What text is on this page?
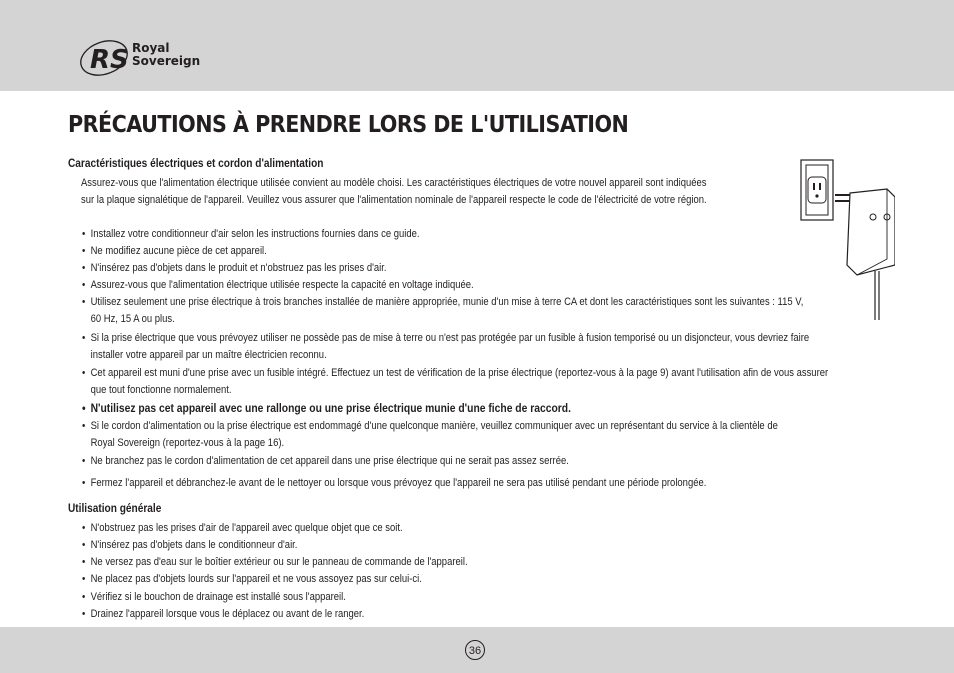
RS Royal
Sovereign
PRÉCAUTIONS À PRENDRE LORS DE L'UTILISATION
Caractéristiques électriques et cordon d'alimentation

Assurez-vous que l'alimentation électrique utilisée convient au modèle choisi. Les caractéristiques électriques de votre nouvel appareil sont indiquées
sur la plaque signalétique de l'appareil. Veuillez vous assurer que l'alimentation nominale de l'appareil respecte le code de l'électricité de votre région.

• Installez votre conditionneur d'air selon les instructions fournies dans ce guide.

• Ne modifiez aucune pièce de cet appareil.

• N'insérez pas d'objets dans le produit et n'obstruez pas les prises d'air.

• Assurez-vous que l'alimentation électrique utilisée respecte la capacité en voltage indiquée.

• Utilisez seulement une prise électrique à trois branches installée de manière appropriée, munie d'un mise à terre CA et dont les caractéristiques sont les suivantes : 115 V,
60 Hz, 15 A ou plus.

• Si la prise électrique que vous prévoyez utiliser ne possède pas de mise à terre ou n'est pas protégée par un fusible à fusion temporisé ou un disjoncteur, vous devriez faire
installer votre appareil par un maître électricien reconnu.

• Cet appareil est muni d'une prise avec un fusible intégré. Effectuez un test de vérification de la prise électrique (reportez-vous à la page 9) avant l'utilisation afin de vous assurer
que tout fonctionne normalement.

• N'utilisez pas cet appareil avec une rallonge ou une prise électrique munie d'une fiche de raccord.

• Si le cordon d'alimentation ou la prise électrique est endommagé d'une quelconque manière, veuillez communiquer avec un représentant du service à la clientèle de
Royal Sovereign (reportez-vous à la page 16).

• Ne branchez pas le cordon d'alimentation de cet appareil dans une prise électrique qui ne serait pas assez serrée.

• Fermez l'appareil et débranchez-le avant de le nettoyer ou lorsque vous prévoyez que l'appareil ne sera pas utilisé pendant une période prolongée.

Utilisation générale

• N'obstruez pas les prises d'air de l'appareil avec quelque objet que ce soit.

• N'insérez pas d'objets dans le conditionneur d'air.

• Ne versez pas d'eau sur le boîtier extérieur ou sur le panneau de commande de l'appareil.

• Ne placez pas d'objets lourds sur l'appareil et ne vous assoyez pas sur celui-ci.

• Vérifiez si le bouchon de drainage est installé sous l'appareil.

• Drainez l'appareil lorsque vous le déplacez ou avant de le ranger.

36
